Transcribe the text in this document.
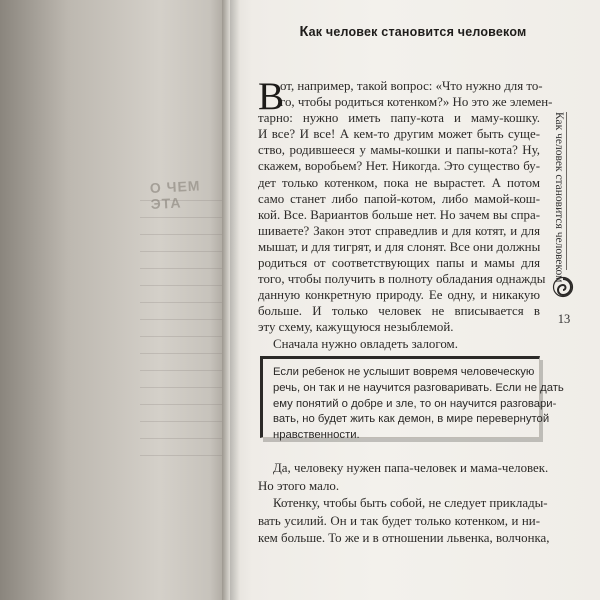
О ЧЕМ ЭТА
Как человек становится человеком
В
от, например, такой вопрос: «Что нужно для то-
го, чтобы родиться котенком?» Но это же элемен-
тарно: нужно иметь папу-кота и маму-кошку.
И все? И все! А кем-то другим может быть суще-
ство, родившееся у мамы-кошки и папы-кота? Ну,
скажем, воробьем? Нет. Никогда. Это существо бу-
дет только котенком, пока не вырастет. А потом
само станет либо папой-котом, либо мамой-кош-
кой. Все. Вариантов больше нет. Но зачем вы спра-
шиваете? Закон этот справедлив и для котят, и для
мышат, и для тигрят, и для слонят. Все они должны
родиться от соответствующих папы и мамы для
того, чтобы получить в полноту обладания однажды
данную конкретную природу. Ее одну, и никакую
больше. И только человек не вписывается в
эту схему, кажущуюся незыблемой.
Сначала нужно овладеть залогом.
Если ребенок не услышит вовремя человеческую
речь, он так и не научится разговаривать. Если не дать
ему понятий о добре и зле, то он научится разговари-
вать, но будет жить как демон, в мире перевернутой
нравственности.
Да, человеку нужен папа-человек и мама-человек.
Но этого мало.
Котенку, чтобы быть собой, не следует приклады-
вать усилий. Он и так будет только котенком, и ни-
кем больше. То же и в отношении львенка, волчонка,
Как человек становится человеком
13
